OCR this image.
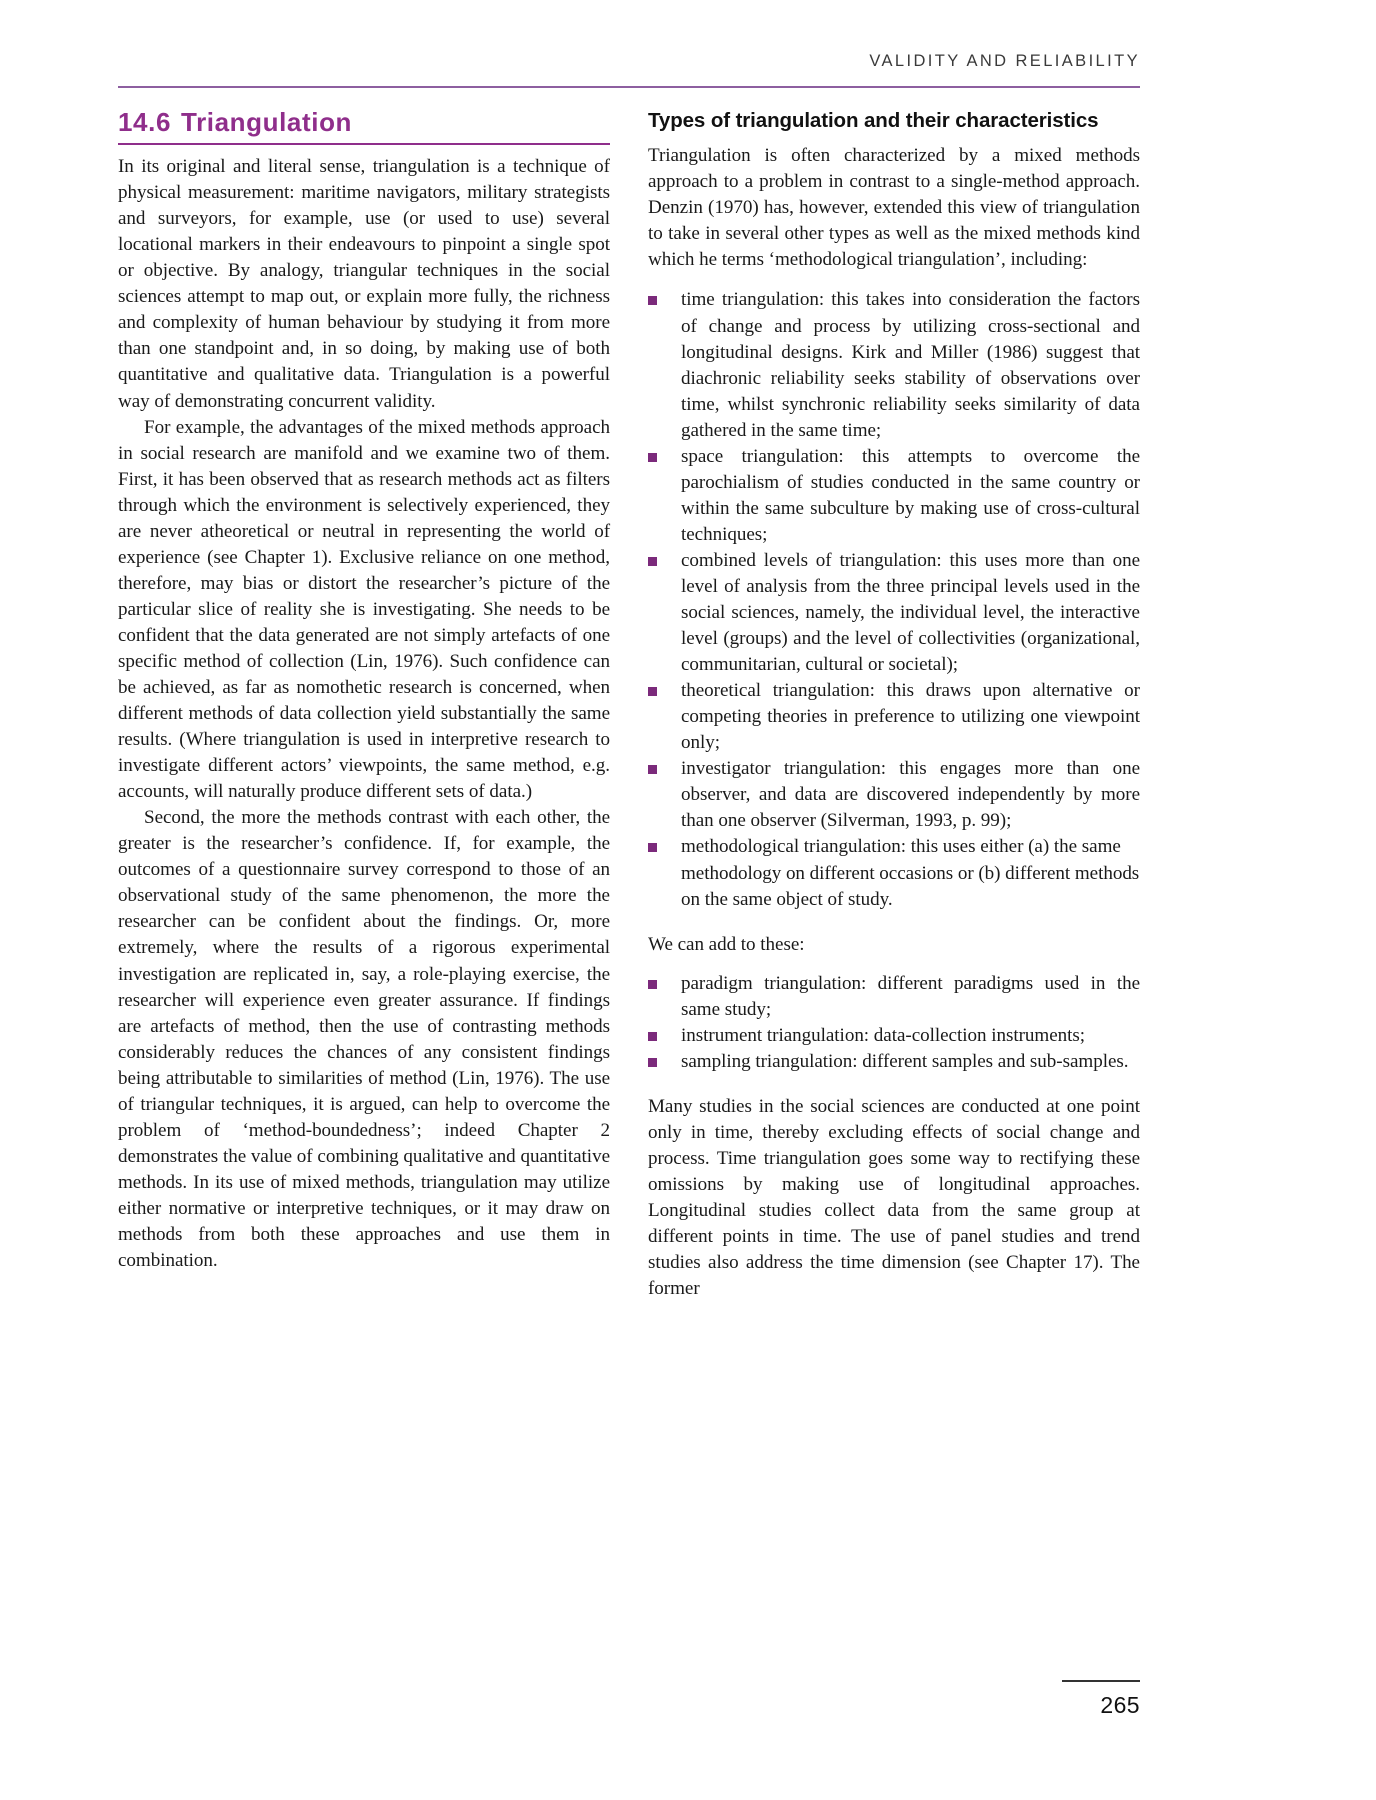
VALIDITY AND RELIABILITY
14.6 Triangulation

In its original and literal sense, triangulation is a technique of physical measurement: maritime navigators, military strategists and surveyors, for example, use (or used to use) several locational markers in their endeavours to pinpoint a single spot or objective. By analogy, triangular techniques in the social sciences attempt to map out, or explain more fully, the richness and complexity of human behaviour by studying it from more than one standpoint and, in so doing, by making use of both quantitative and qualitative data. Triangulation is a powerful way of demonstrating concurrent validity.

For example, the advantages of the mixed methods approach in social research are manifold and we examine two of them. First, it has been observed that as research methods act as filters through which the environment is selectively experienced, they are never atheoretical or neutral in representing the world of experience (see Chapter 1). Exclusive reliance on one method, therefore, may bias or distort the researcher’s picture of the particular slice of reality she is investigating. She needs to be confident that the data generated are not simply artefacts of one specific method of collection (Lin, 1976). Such confidence can be achieved, as far as nomothetic research is concerned, when different methods of data collection yield substantially the same results. (Where triangulation is used in interpretive research to investigate different actors’ viewpoints, the same method, e.g. accounts, will naturally produce different sets of data.)

Second, the more the methods contrast with each other, the greater is the researcher’s confidence. If, for example, the outcomes of a questionnaire survey correspond to those of an observational study of the same phenomenon, the more the researcher can be confident about the findings. Or, more extremely, where the results of a rigorous experimental investigation are replicated in, say, a role-playing exercise, the researcher will experience even greater assurance. If findings are artefacts of method, then the use of contrasting methods considerably reduces the chances of any consistent findings being attributable to similarities of method (Lin, 1976). The use of triangular techniques, it is argued, can help to overcome the problem of ‘method-boundedness’; indeed Chapter 2 demonstrates the value of combining qualitative and quantitative methods. In its use of mixed methods, triangulation may utilize either normative or interpretive techniques, or it may draw on methods from both these approaches and use them in combination.

Types of triangulation and their characteristics

Triangulation is often characterized by a mixed methods approach to a problem in contrast to a single-method approach. Denzin (1970) has, however, extended this view of triangulation to take in several other types as well as the mixed methods kind which he terms ‘methodological triangulation’, including:

time triangulation: this takes into consideration the factors of change and process by utilizing cross-sectional and longitudinal designs. Kirk and Miller (1986) suggest that diachronic reliability seeks stability of observations over time, whilst synchronic reliability seeks similarity of data gathered in the same time;
space triangulation: this attempts to overcome the parochialism of studies conducted in the same country or within the same subculture by making use of cross-cultural techniques;
combined levels of triangulation: this uses more than one level of analysis from the three principal levels used in the social sciences, namely, the individual level, the interactive level (groups) and the level of collectivities (organizational, communitarian, cultural or societal);
theoretical triangulation: this draws upon alternative or competing theories in preference to utilizing one viewpoint only;
investigator triangulation: this engages more than one observer, and data are discovered independently by more than one observer (Silverman, 1993, p. 99);
methodological triangulation: this uses either (a) the same methodology on different occasions or (b) different methods on the same object of study.

We can add to these:

paradigm triangulation: different paradigms used in the same study;
instrument triangulation: data-collection instruments;
sampling triangulation: different samples and sub-samples.

Many studies in the social sciences are conducted at one point only in time, thereby excluding effects of social change and process. Time triangulation goes some way to rectifying these omissions by making use of longitudinal approaches. Longitudinal studies collect data from the same group at different points in time. The use of panel studies and trend studies also address the time dimension (see Chapter 17). The former

265
